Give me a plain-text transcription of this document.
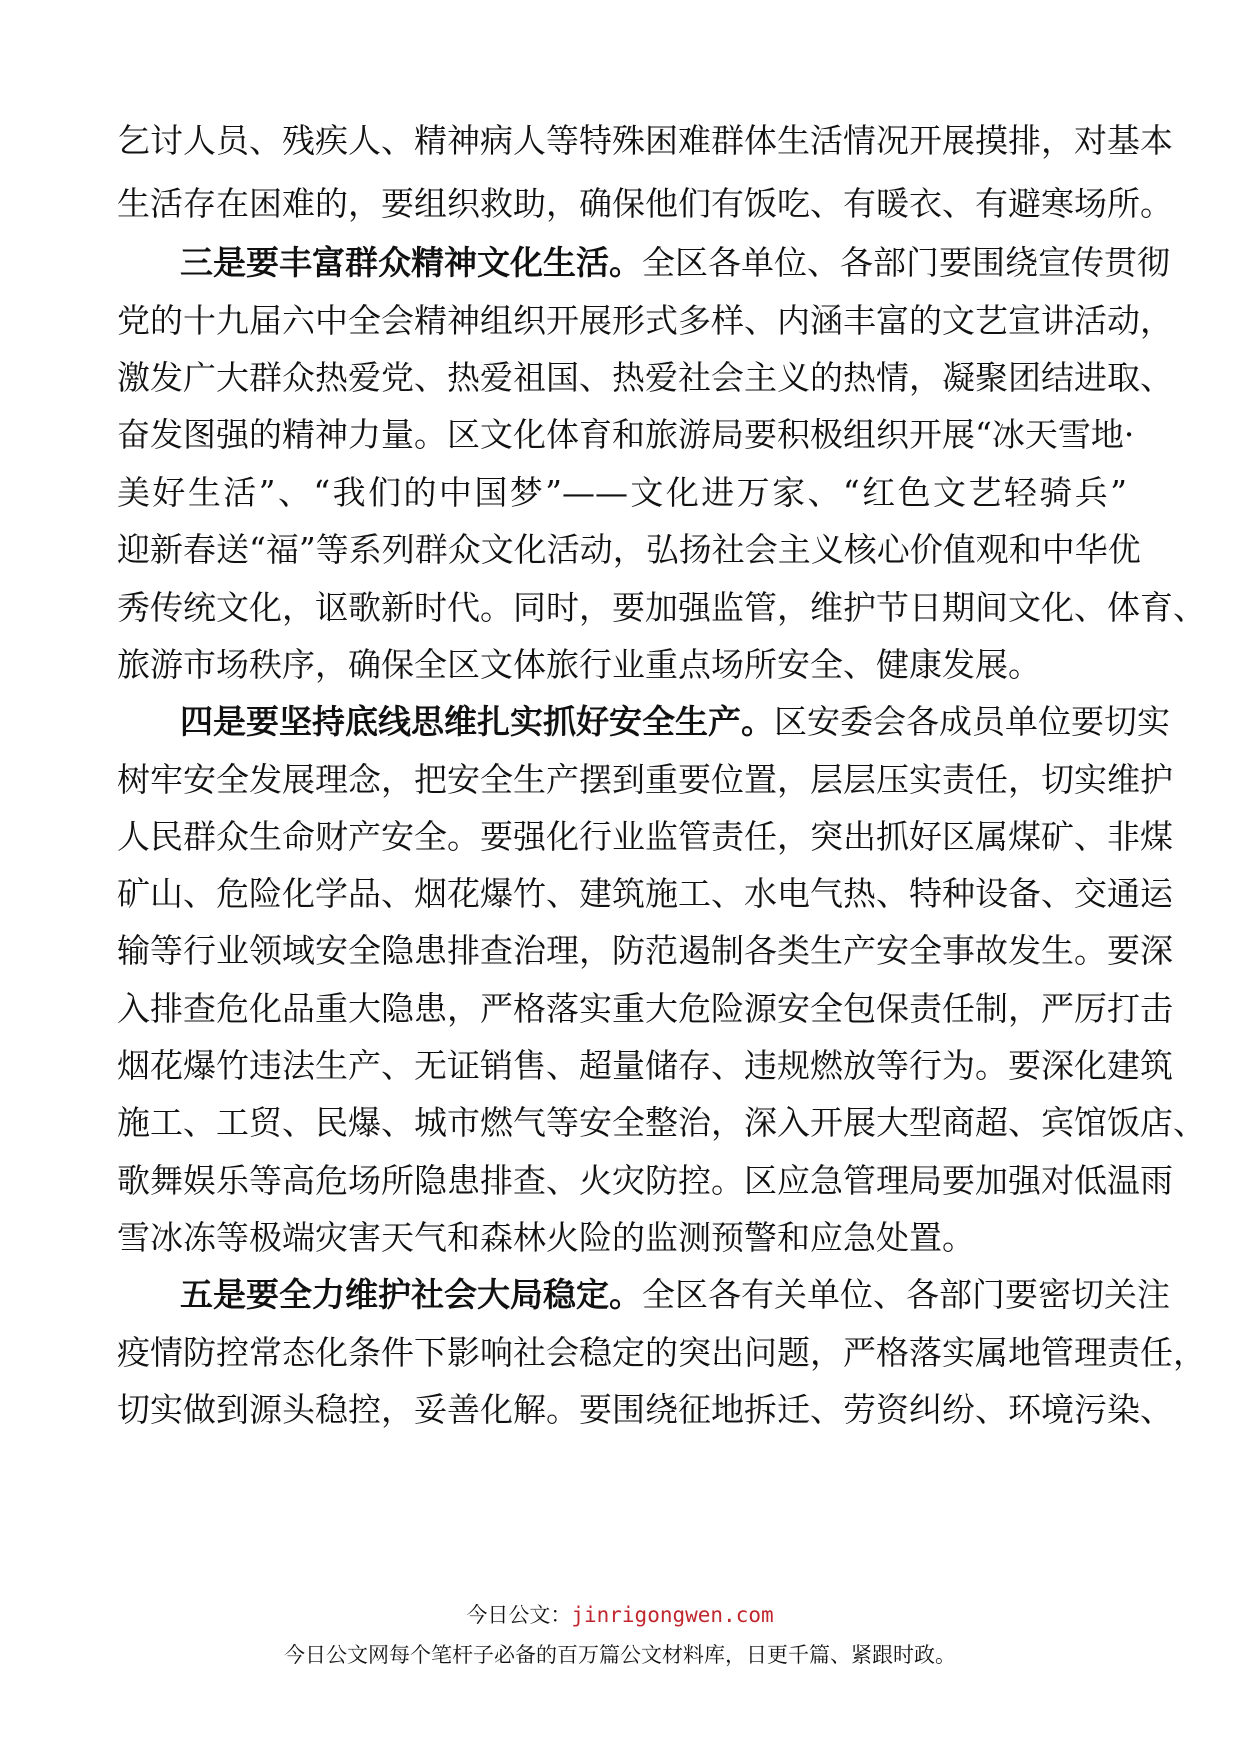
乞讨人员、残疾人、精神病人等特殊困难群体生活情况开展摸排，对基本
生活存在困难的，要组织救助，确保他们有饭吃、有暖衣、有避寒场所。
三是要丰富群众精神文化生活。全区各单位、各部门要围绕宣传贯彻
党的十九届六中全会精神组织开展形式多样、内涵丰富的文艺宣讲活动，
激发广大群众热爱党、热爱祖国、热爱社会主义的热情，凝聚团结进取、
奋发图强的精神力量。区文化体育和旅游局要积极组织开展“冰天雪地·
美好生活”、“我们的中国梦”——文化进万家、“红色文艺轻骑兵”
迎新春送“福”等系列群众文化活动，弘扬社会主义核心价值观和中华优
秀传统文化，讴歌新时代。同时，要加强监管，维护节日期间文化、体育、
旅游市场秩序，确保全区文体旅行业重点场所安全、健康发展。
四是要坚持底线思维扎实抓好安全生产。区安委会各成员单位要切实
树牢安全发展理念，把安全生产摆到重要位置，层层压实责任，切实维护
人民群众生命财产安全。要强化行业监管责任，突出抓好区属煤矿、非煤
矿山、危险化学品、烟花爆竹、建筑施工、水电气热、特种设备、交通运
输等行业领域安全隐患排查治理，防范遏制各类生产安全事故发生。要深
入排查危化品重大隐患，严格落实重大危险源安全包保责任制，严厉打击
烟花爆竹违法生产、无证销售、超量储存、违规燃放等行为。要深化建筑
施工、工贸、民爆、城市燃气等安全整治，深入开展大型商超、宾馆饭店、
歌舞娱乐等高危场所隐患排查、火灾防控。区应急管理局要加强对低温雨
雪冰冻等极端灾害天气和森林火险的监测预警和应急处置。
五是要全力维护社会大局稳定。全区各有关单位、各部门要密切关注
疫情防控常态化条件下影响社会稳定的突出问题，严格落实属地管理责任，
切实做到源头稳控，妥善化解。要围绕征地拆迁、劳资纠纷、环境污染、
今日公文：jinrigongwen.com
今日公文网每个笔杆子必备的百万篇公文材料库，日更千篇、紧跟时政。
